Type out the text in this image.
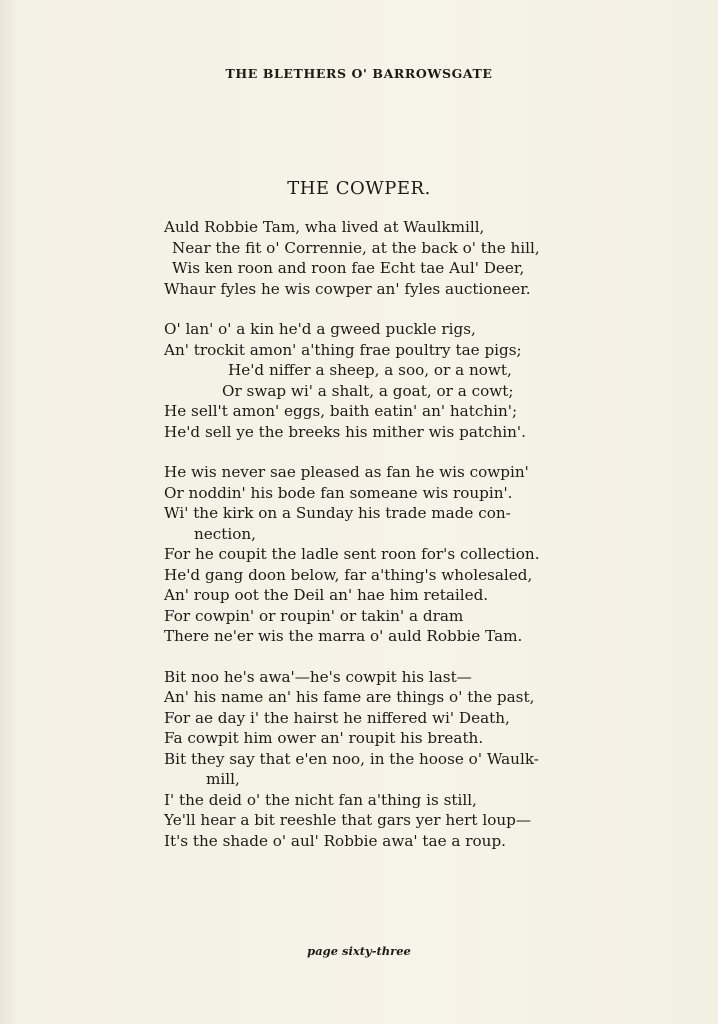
THE BLETHERS O' BARROWSGATE
THE COWPER.
Auld Robbie Tam, wha lived at Waulkmill,
Near the fit o' Corrennie, at the back o' the hill,
Wis ken roon and roon fae Echt tae Aul' Deer,
Whaur fyles he wis cowper an' fyles auctioneer.
O' lan' o' a kin he'd a gweed puckle rigs,
An' trockit amon' a'thing frae poultry tae pigs;
He'd niffer a sheep, a soo, or a nowt,
Or swap wi' a shalt, a goat, or a cowt;
He sell't amon' eggs, baith eatin' an' hatchin';
He'd sell ye the breeks his mither wis patchin'.
He wis never sae pleased as fan he wis cowpin'
Or noddin' his bode fan someane wis roupin'.
Wi' the kirk on a Sunday his trade made con-
nection,
For he coupit the ladle sent roon for's collection.
He'd gang doon below, far a'thing's wholesaled,
An' roup oot the Deil an' hae him retailed.
For cowpin' or roupin' or takin' a dram
There ne'er wis the marra o' auld Robbie Tam.
Bit noo he's awa'—he's cowpit his last—
An' his name an' his fame are things o' the past,
For ae day i' the hairst he niffered wi' Death,
Fa cowpit him ower an' roupit his breath.
Bit they say that e'en noo, in the hoose o' Waulk-
mill,
I' the deid o' the nicht fan a'thing is still,
Ye'll hear a bit reeshle that gars yer hert loup—
It's the shade o' aul' Robbie awa' tae a roup.
page sixty-three
